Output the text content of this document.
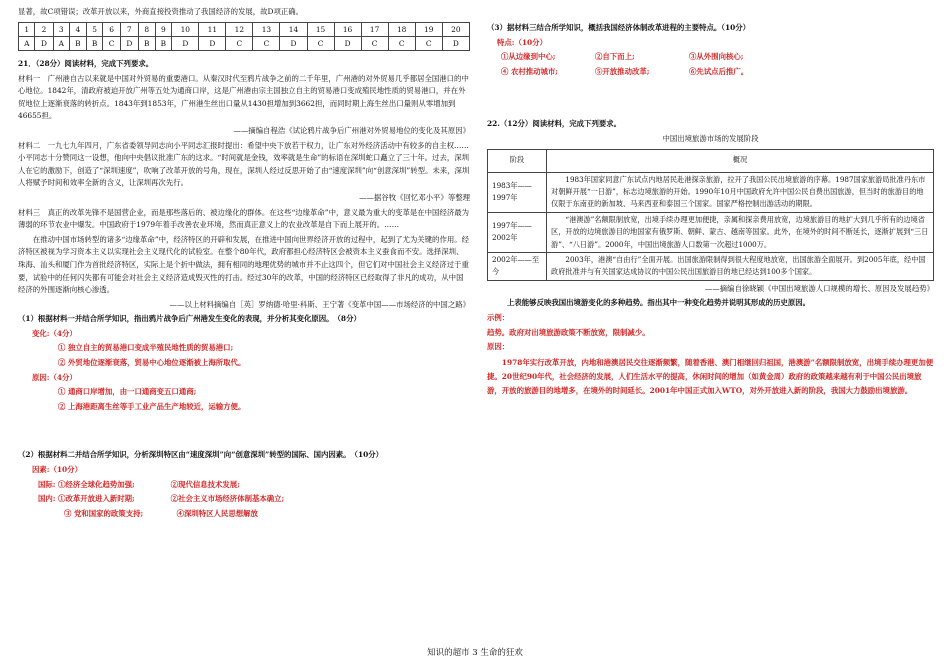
显著，故C项错误；改革开放以来，外商直接投资推动了我国经济的发展，故D项正确。

1	2	3	4	5	6	7	8	9	10	11	12	13	14	15	16	17	18	19	20
A	D	A	B	B	C	D	B	B	D	D	C	C	D	C	D	C	C	C	D

21．（28分）阅读材料，完成下列要求。

材料一　广州港自古以来就是中国对外贸易的重要港口。从秦汉时代至鸦片战争之前的二千年里，广州港的对外贸易几乎都居全国港口的中心地位。1842年，清政府被迫开放广州等五处为通商口岸，这是广州港由宗主国独立自主的贸易港口变成殖民地性质的贸易港口，并在外贸地位上逐渐衰落的转折点。1843年到1853年，广州港生丝出口量从1430担增加到3662担，而同时期上海生丝出口量则从零增加到46655担。

——摘编自程浩《试论鸦片战争后广州港对外贸易地位的变化及其原因》

材料二　一九七九年四月，广东省委领导同志向小平同志汇报时提出：希望中央下放若干权力，让广东对外经济活动中有较多的自主权……小平同志十分赞同这一设想，他向中央倡议批准广东的这求。“时间就是金钱，效率就是生命”的标语在深圳蛇口矗立了三十年。过去，深圳人在它的激励下，创造了“深圳速度”，吹响了改革开放的号角，现在，深圳人经过反思开始了由“速度深圳”向“创意深圳”转型。未来，深圳人将赋予时间和效率全新的含义，让深圳再次先行。

——据谷牧《回忆邓小平》等整理

材料三　真正的改革先锋不是国营企业，而是那些落后的、被边缘化的群体。在这些“边缘革命”中，意义最为重大的变革是在中国经济最为薄弱的环节农业中爆发。中国政府于1979年着手改善农业环境，然而真正意义上的农业改革是自下而上展开的。……

在推动中国市场转型的诸多“边缘革命”中，经济特区的开辟和发展，在推进中国向世界经济开放的过程中，起到了尤为关键的作用。经济特区被视为学习资本主义以实现社会主义现代化的试验室。在整个80年代，政府都担心经济特区会被资本主义蚕食而不安。选择深圳、珠海、汕头和厦门作为首批经济特区，实际上是个折中做法，拥有相同的地理优势的城市并不止这四个，但它们对中国社会主义经济过于重要，试验中的任何闪失都有可能会对社会主义经济造成毁灭性的打击。经过30年的改革，中国的经济特区已经取得了非凡的成功，从中国经济的外围逐渐向核心渗透。

——以上材料摘编自［英］罗纳德·哈里·科斯、王宁著《变革中国——市场经济的中国之路》

（1）根据材料一并结合所学知识，指出鸦片战争后广州港发生变化的表现，并分析其变化原因。　（8分）

变化:（4分）

① 独立自主的贸易港口变成半殖民地性质的贸易港口;

② 外贸地位逐渐衰落，贸易中心地位逐渐被上海所取代。

原因:（4分）

① 通商口岸增加，由一口通商变五口通商;

② 上海港距离生丝等手工业产品生产地较近，运输方便。

（2）根据材料二并结合所学知识，分析深圳特区由“速度深圳”向“创意深圳”转型的国际、国内因素。　（10分）

因素:（10分）

国际: ①经济全球化趋势加强;	②现代信息技术发展;
国内: ①改革开放进入新时期;	②社会主义市场经济体制基本确立;
③ 党和国家的政策支持;	④深圳特区人民思想解放

（3）据材料三结合所学知识，概括我国经济体制改革进程的主要特点。（10分）

特点:（10分）

①从边缘到中心;	②自下而上;	③从外围向核心;
④ 农村推动城市;	⑤开放推动改革;	⑥先试点后推广。

22.（12分）阅读材料，完成下列要求。

中国出境旅游市场的发展阶段

阶段	概况
1983年——1997年	1983年国家同意广东试点内地居民赴港探亲旅游，拉开了我国公民出境旅游的序幕。1987国家旅游局批准丹东市对朝鲜开展“一日游”，标志边境旅游的开始。1990年10月中国政府允许中国公民自费出国旅游，但当时的旅游目的地仅限于东南亚的新加坡、马来西亚和泰国三个国家。国家严格控制出游活动的期限。
1997年——2002年	“港澳游”名额限制放宽，出境手续办理更加便捷，亲属和探亲费用放宽，边境旅游目的地扩大到几乎所有的边境省区，开放的边境旅游目的地国家有俄罗斯、朝鲜、蒙古、越南等国家。此外，在境外的时间不断延长，逐渐扩展到“三日游”、“八日游”。2000年，中国出境旅游人口数第一次超过1000万。
2002年——至今	2003年，港澳“自由行”全面开展。出国旅游限制得到很大程度地放宽，出国旅游全面展开。到2005年底，经中国政府批准并与有关国家达成协议的中国公民出国旅游目的地已经达到100多个国家。

——摘编自徐晓颖《中国出境旅游人口规模的增长、原因及发展趋势》

上表能够反映我国出境游变化的多种趋势。指出其中一种变化趋势并说明其形成的历史原因。

示例：

趋势。政府对出境旅游政策不断放宽，限制减少。

原因：

1978年实行改革开放，内地和港澳居民交往逐渐频繁，随着香港、澳门相继回归祖国，港澳游”名额限制放宽，出境手续办理更加便捷。20世纪90年代，社会经济的发展，人们生活水平的提高，休闲时间的增加（如黄金周）政府的政策越来越有利于中国公民出境旅游，开放的旅游目的地增多，在境外的时间延长。2001年中国正式加入WTO，对外开放进入新的阶段，我国大力鼓励出境旅游。

知识的超市 3 生命的狂欢
